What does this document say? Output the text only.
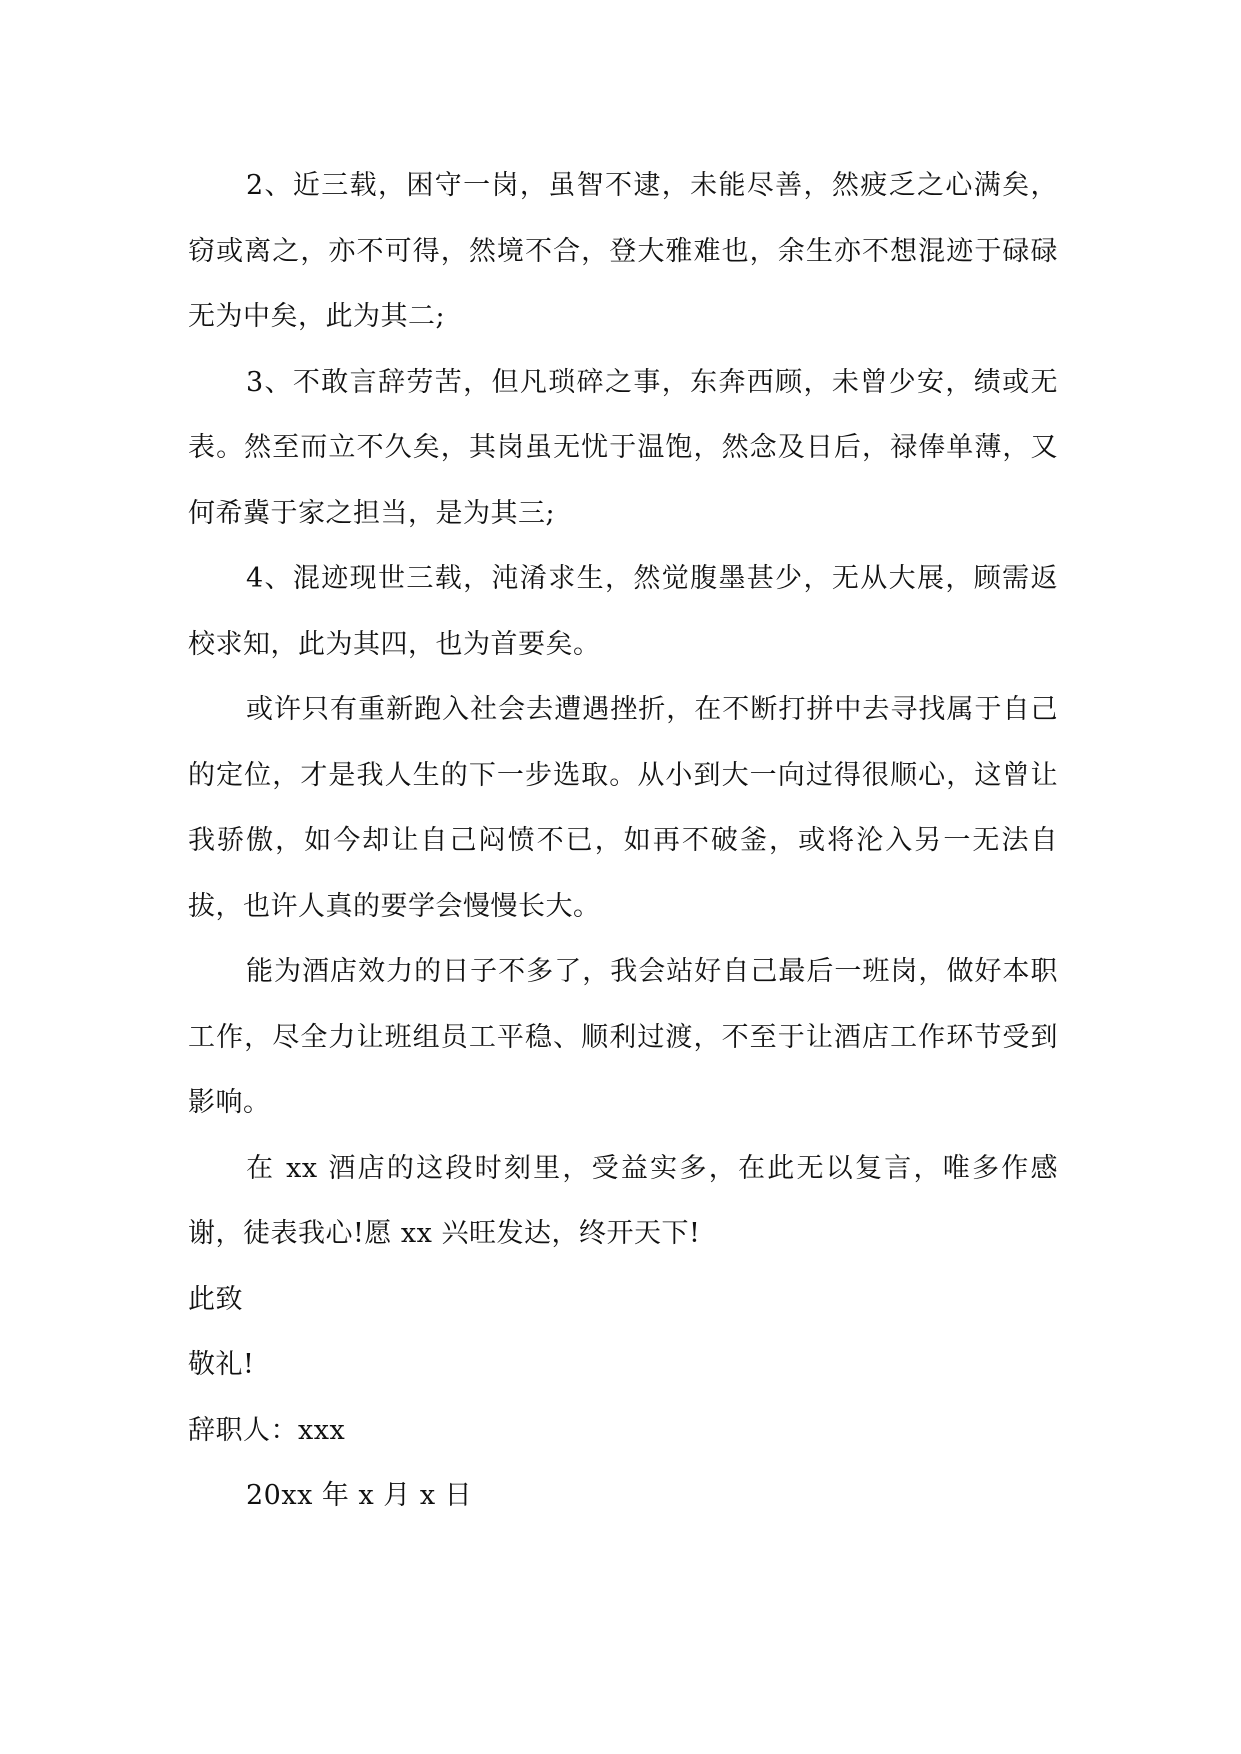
2、近三载，困守一岗，虽智不逮，未能尽善，然疲乏之心满矣，窃或离之，亦不可得，然境不合，登大雅难也，余生亦不想混迹于碌碌无为中矣，此为其二;

3、不敢言辞劳苦，但凡琐碎之事，东奔西顾，未曾少安，绩或无表。然至而立不久矣，其岗虽无忧于温饱，然念及日后，禄俸单薄，又何希冀于家之担当，是为其三;

4、混迹现世三载，沌淆求生，然觉腹墨甚少，无从大展，顾需返校求知，此为其四，也为首要矣。

或许只有重新跑入社会去遭遇挫折，在不断打拼中去寻找属于自己的定位，才是我人生的下一步选取。从小到大一向过得很顺心，这曾让我骄傲，如今却让自己闷愤不已，如再不破釜，或将沦入另一无法自拔，也许人真的要学会慢慢长大。

能为酒店效力的日子不多了，我会站好自己最后一班岗，做好本职工作，尽全力让班组员工平稳、顺利过渡，不至于让酒店工作环节受到影响。

在 xx 酒店的这段时刻里，受益实多，在此无以复言，唯多作感谢，徒表我心!愿 xx 兴旺发达，终开天下!

此致

敬礼!

辞职人：xxx

20xx 年 x 月 x 日
